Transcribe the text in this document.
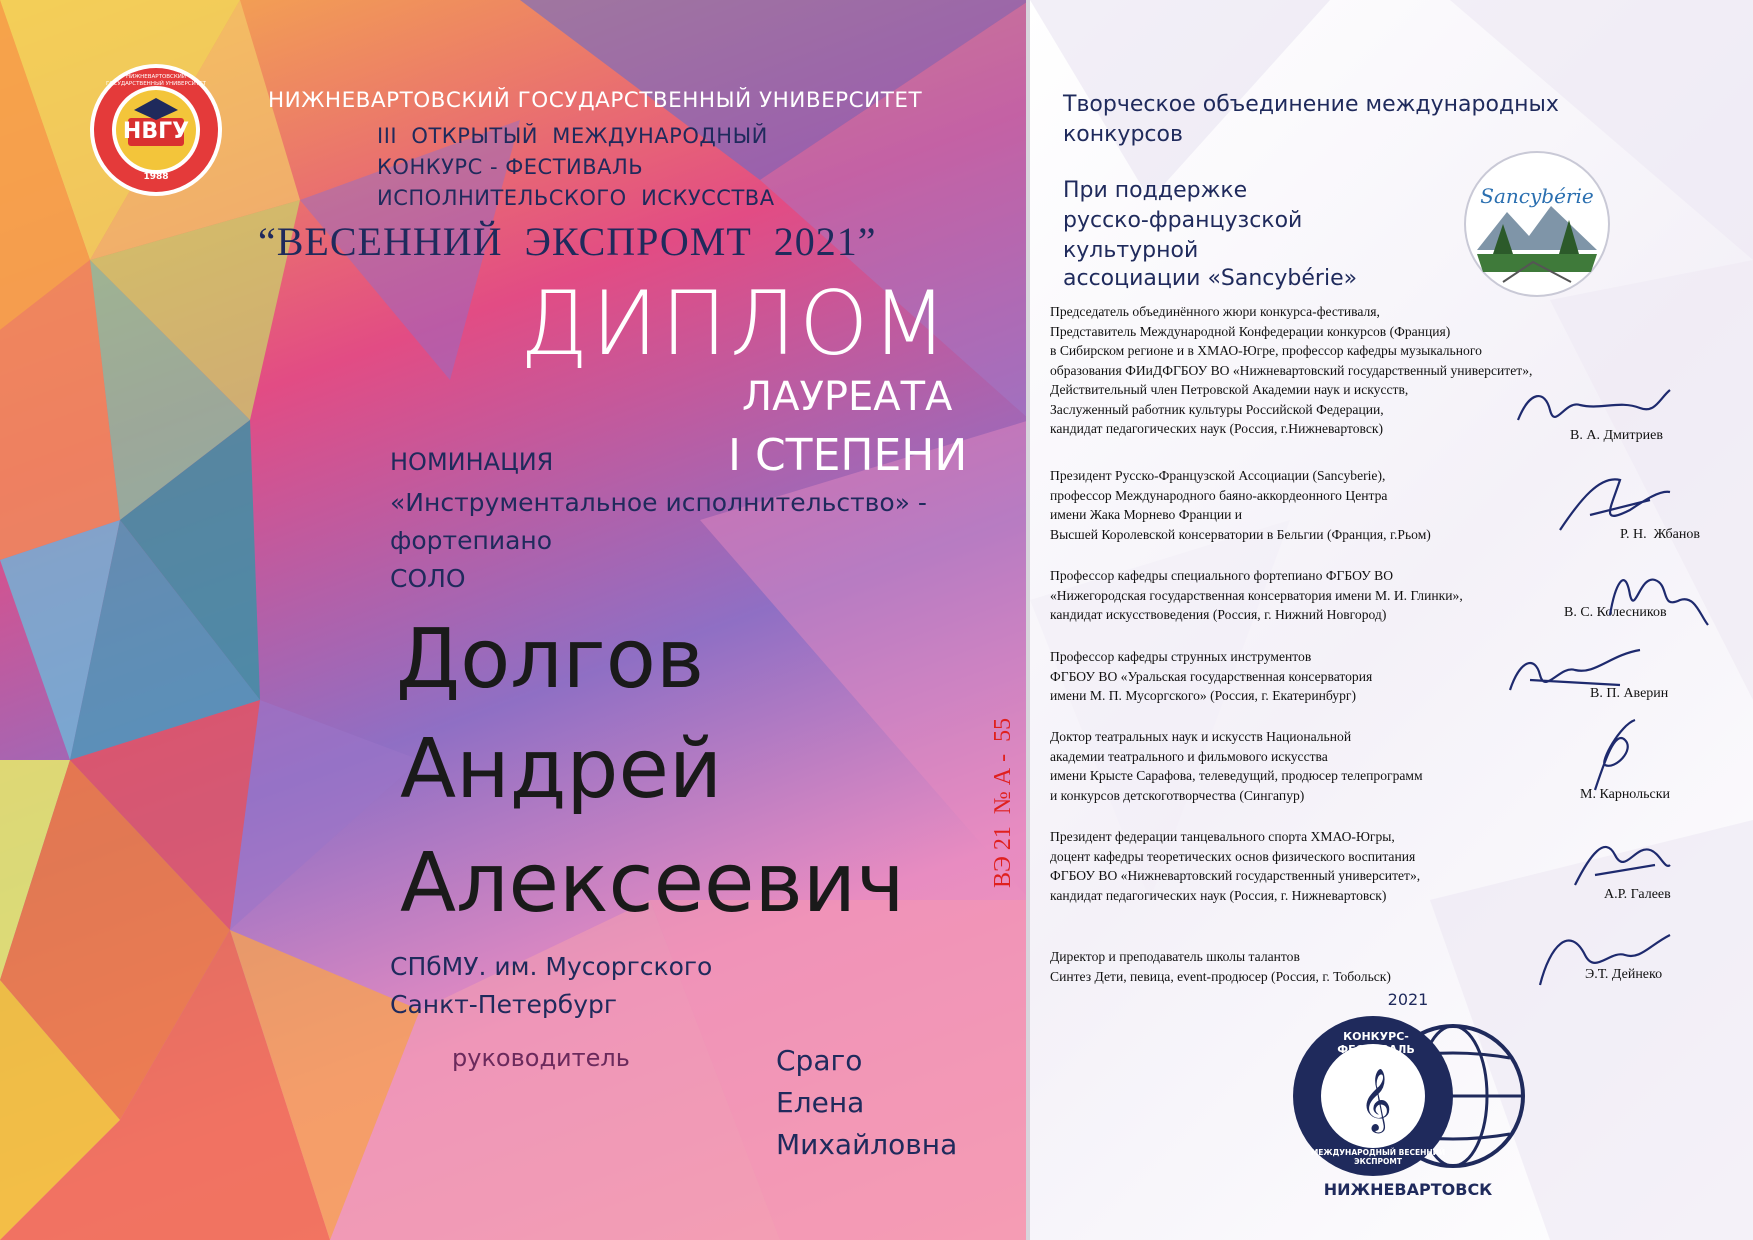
НВГУ
1988
НИЖНЕВАРТОВСКИЙ ГОСУДАРСТВЕННЫЙ УНИВЕРСИТЕТ
НИЖНЕВАРТОВСКИЙ ГОСУДАРСТВЕННЫЙ УНИВЕРСИТЕТ
III  ОТКРЫТЫЙ  МЕЖДУНАРОДНЫЙ
КОНКУРС - ФЕСТИВАЛЬ
ИСПОЛНИТЕЛЬСКОГО  ИСКУССТВА
“ВЕСЕННИЙ  ЭКСПРОМТ  2021”
ДИПЛОМ
ЛАУРЕАТА
I СТЕПЕНИ
НОМИНАЦИЯ
«Инструментальное исполнительство» -
фортепиано
СОЛО
Долгов
Андрей
Алексеевич	ВЭ 21  № А -  55
СПбМУ. им. Мусоргского
Санкт-Петербург
руководитель	Сраго
Елена
Михайловна
Творческое объединение международных
конкурсов
При поддержке
русско-французской
культурной
ассоциации «Sancybérie»
Sancybérie

Председатель объединённого жюри конкурса-фестиваля,

Представитель Международной Конфедерации конкурсов (Франция)

в Сибирском регионе и в ХМАО-Югре, профессор кафедры музыкального

образования ФИиДФГБОУ ВО «Нижневартовский государственный университет»,

Действительный член Петровской Академии наук и искусств,

Заслуженный работник культуры Российской Федерации,

кандидат педагогических наук (Россия, г.Нижневартовск)	В. А. Дмитриев

Президент Русско-Французской Ассоциации (Sancyberie),

профессор Международного баяно-аккордеонного Центра

имени Жака Морнево Франции и

Высшей Королевской консерватории в Бельгии (Франция, г.Рьом)	Р. Н.  Жбанов

Профессор кафедры специального фортепиано ФГБОУ ВО

«Нижегородская государственная консерватория имени М. И. Глинки»,

кандидат искусствоведения (Россия, г. Нижний Новгород)	В. С. Колесников

Профессор кафедры струнных инструментов

ФГБОУ ВО «Уральская государственная консерватория

имени М. П. Мусоргского» (Россия, г. Екатеринбург)	В. П. Аверин

Доктор театральных наук и искусств Национальной

академии театрального и фильмового искусства

имени Крысте Сарафова, телеведущий, продюсер телепрограмм

и конкурсов детскоготворчества (Сингапур)	М. Карнольски

Президент федерации танцевального спорта ХМАО-Югры,

доцент кафедры теоретических основ физического воспитания

ФГБОУ ВО «Нижневартовский государственный университет»,

кандидат педагогических наук (Россия, г. Нижневартовск)	А.Р. Галеев

Директор и преподаватель школы талантов

Синтез Дети, певица, event-продюсер (Россия, г. Тобольск)	Э.Т. Дейнеко
2021
𝄞
КОНКУРС-ФЕСТИВАЛЬ
МЕЖДУНАРОДНЫЙ ВЕСЕННИЙ ЭКСПРОМТ
НИЖНЕВАРТОВСК
